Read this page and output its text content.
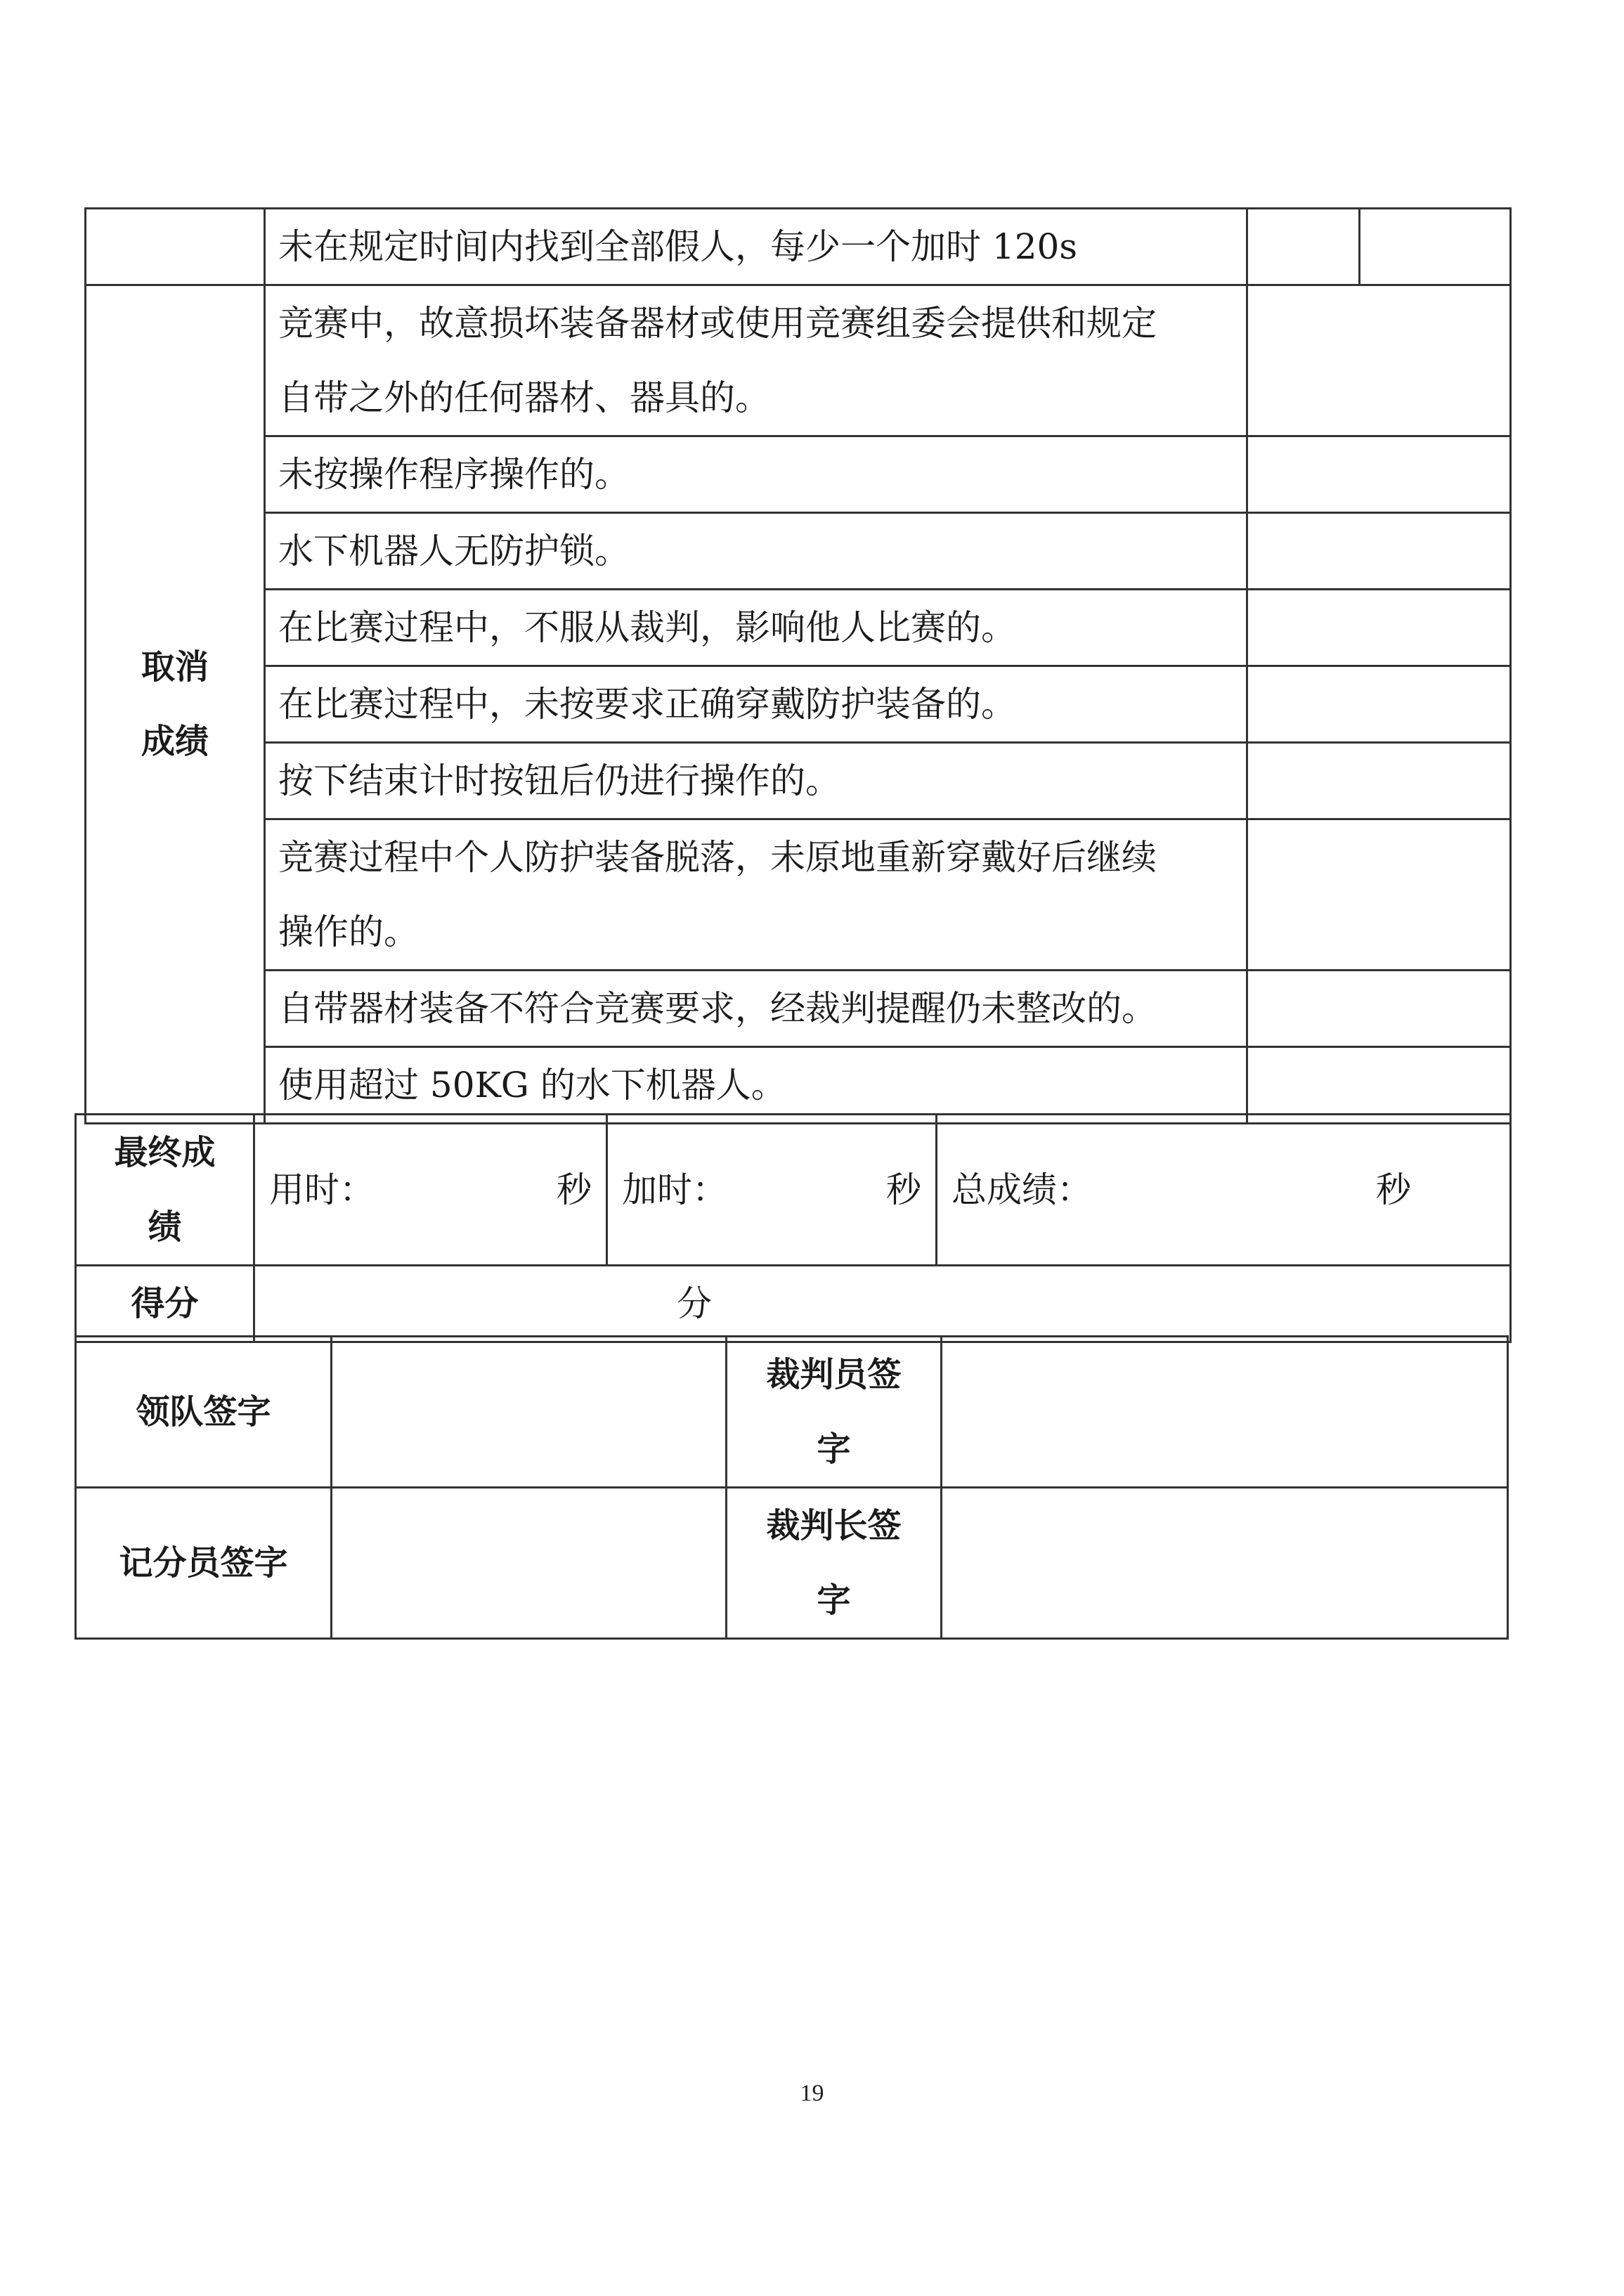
	未在规定时间内找到全部假人，每少一个加时 120s		

取消
成绩	竞赛中，故意损坏装备器材或使用竞赛组委会提供和规定
自带之外的任何器材、器具的。		

	未按操作程序操作的。		
	水下机器人无防护锁。		
	在比赛过程中，不服从裁判，影响他人比赛的。		
	在比赛过程中，未按要求正确穿戴防护装备的。		
	按下结束计时按钮后仍进行操作的。		

	竞赛过程中个人防护装备脱落，未原地重新穿戴好后继续
操作的。		

	自带器材装备不符合竞赛要求，经裁判提醒仍未整改的。		
	使用超过 50KG 的水下机器人。		
最终成
绩	用时： 秒	加时： 秒	总成绩： 秒

得分	分		
领队签字		裁判员签
字	

记分员签字		裁判长签
字	

19
